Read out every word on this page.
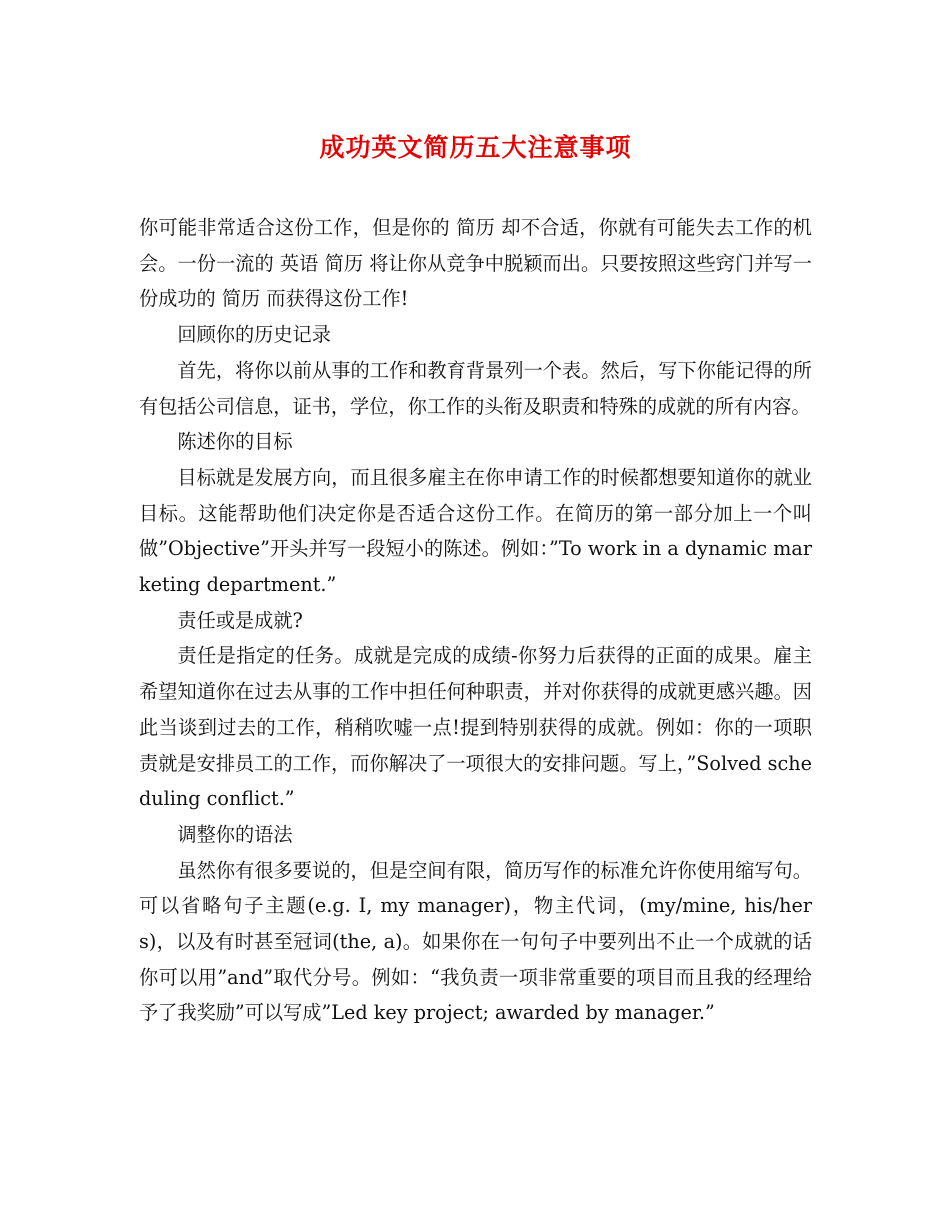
成功英文简历五大注意事项

你可能非常适合这份工作，但是你的 简历 却不合适，你就有可能失去工作的机会。一份一流的 英语 简历 将让你从竞争中脱颖而出。只要按照这些窍门并写一份成功的 简历 而获得这份工作!

回顾你的历史记录

首先，将你以前从事的工作和教育背景列一个表。然后，写下你能记得的所有包括公司信息，证书，学位，你工作的头衔及职责和特殊的成就的所有内容。

陈述你的目标

目标就是发展方向，而且很多雇主在你申请工作的时候都想要知道你的就业目标。这能帮助他们决定你是否适合这份工作。在简历的第一部分加上一个叫做”Objective”开头并写一段短小的陈述。例如：”To work in a dynamic marketing department.”

责任或是成就?

责任是指定的任务。成就是完成的成绩-你努力后获得的正面的成果。雇主希望知道你在过去从事的工作中担任何种职责，并对你获得的成就更感兴趣。因此当谈到过去的工作，稍稍吹嘘一点!提到特别获得的成就。例如：你的一项职责就是安排员工的工作，而你解决了一项很大的安排问题。写上，”Solved scheduling conflict.”

调整你的语法

虽然你有很多要说的，但是空间有限，简历写作的标准允许你使用缩写句。可以省略句子主题(e.g. I, my manager)，物主代词，(my/mine, his/hers)，以及有时甚至冠词(the, a)。如果你在一句句子中要列出不止一个成就的话你可以用”and”取代分号。例如：“我负责一项非常重要的项目而且我的经理给予了我奖励”可以写成”Led key project; awarded by manager.”
